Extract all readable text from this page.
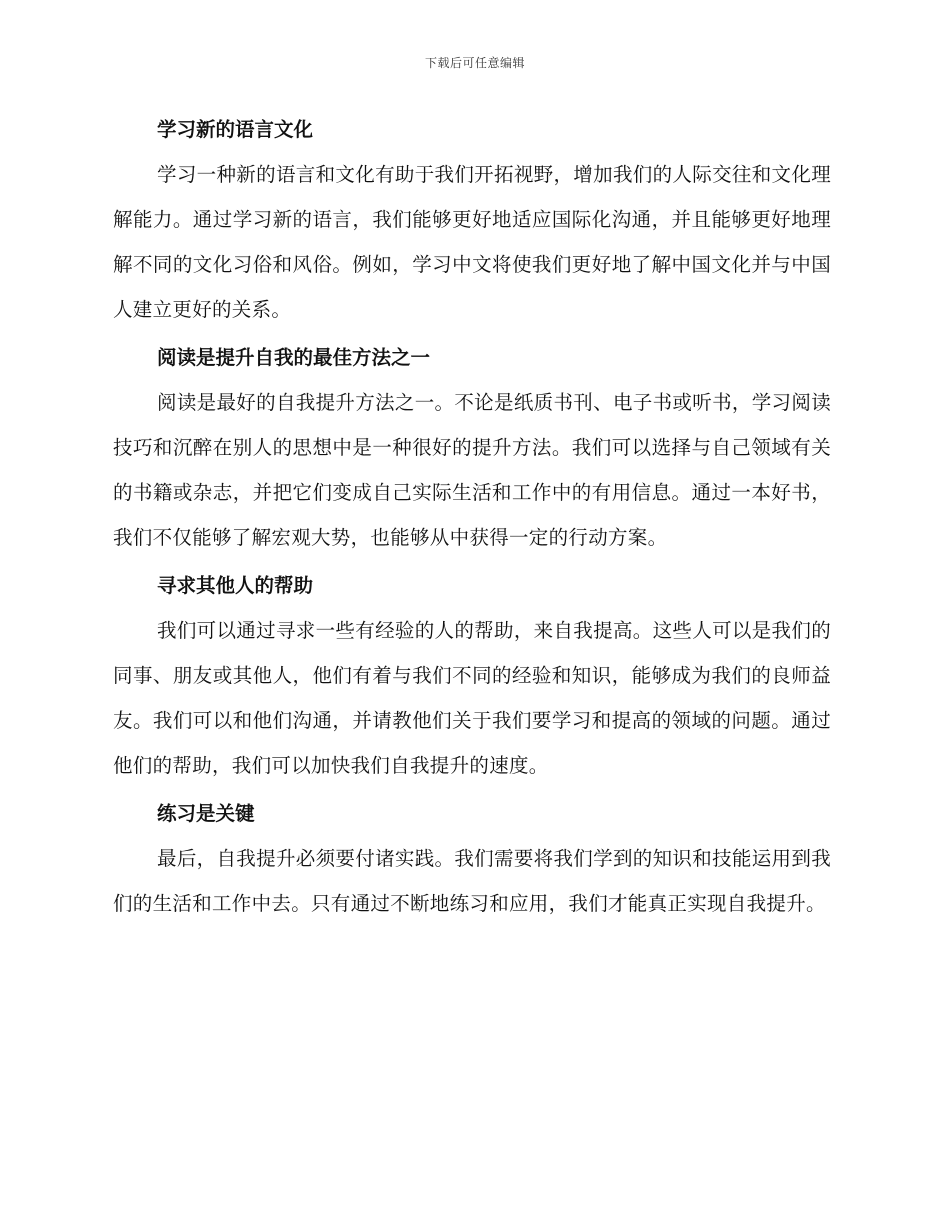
下载后可任意编辑
学习新的语言文化

学习一种新的语言和文化有助于我们开拓视野，增加我们的人际交往和文化理解能力。通过学习新的语言，我们能够更好地适应国际化沟通，并且能够更好地理解不同的文化习俗和风俗。例如，学习中文将使我们更好地了解中国文化并与中国人建立更好的关系。

阅读是提升自我的最佳方法之一

阅读是最好的自我提升方法之一。不论是纸质书刊、电子书或听书，学习阅读技巧和沉醉在别人的思想中是一种很好的提升方法。我们可以选择与自己领域有关的书籍或杂志，并把它们变成自己实际生活和工作中的有用信息。通过一本好书，我们不仅能够了解宏观大势，也能够从中获得一定的行动方案。

寻求其他人的帮助

我们可以通过寻求一些有经验的人的帮助，来自我提高。这些人可以是我们的同事、朋友或其他人，他们有着与我们不同的经验和知识，能够成为我们的良师益友。我们可以和他们沟通，并请教他们关于我们要学习和提高的领域的问题。通过他们的帮助，我们可以加快我们自我提升的速度。

练习是关键

最后，自我提升必须要付诸实践。我们需要将我们学到的知识和技能运用到我们的生活和工作中去。只有通过不断地练习和应用，我们才能真正实现自我提升。
